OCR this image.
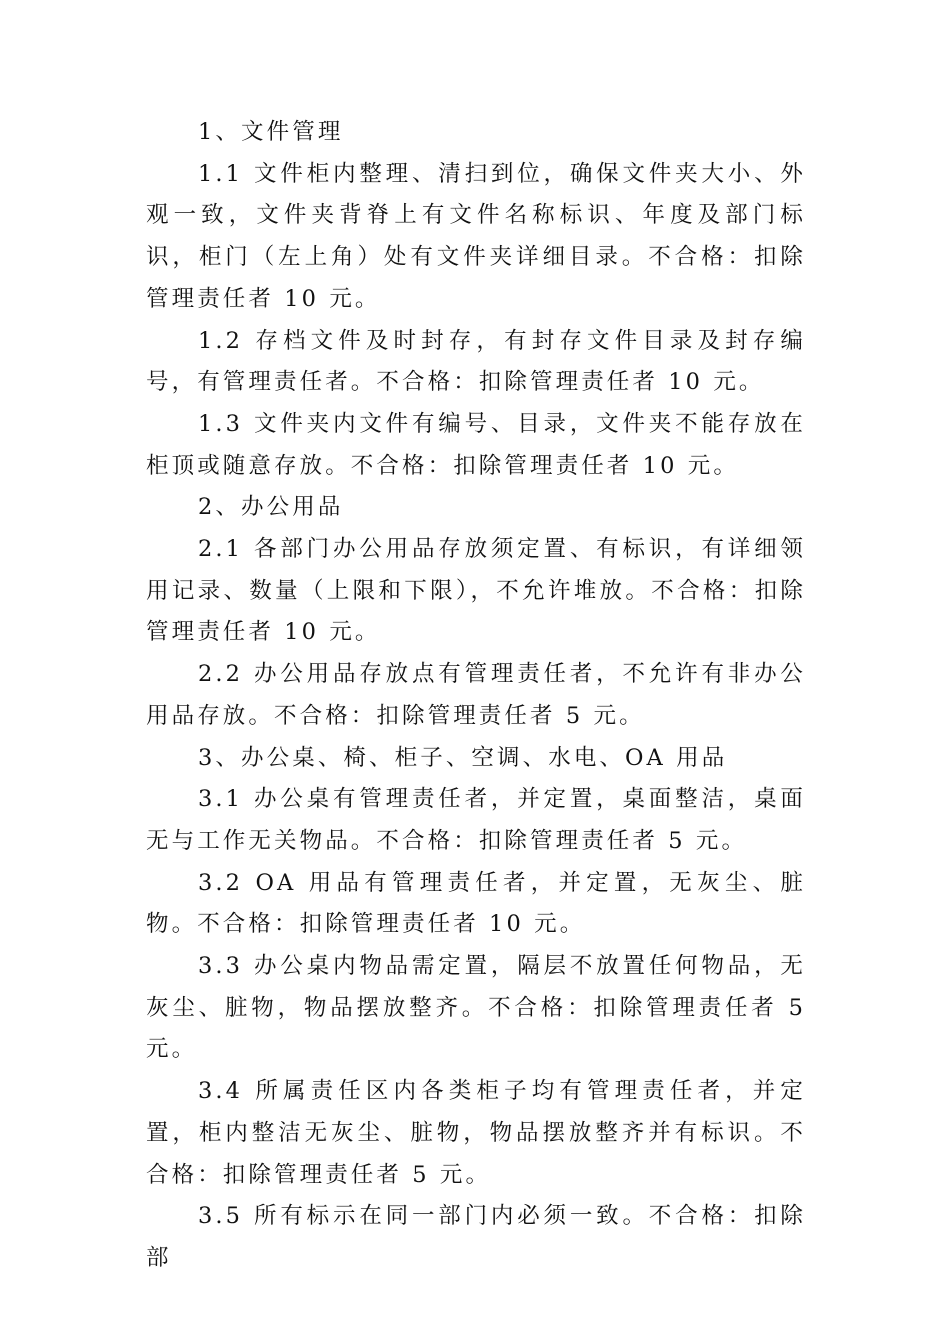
1、文件管理

1.1 文件柜内整理、清扫到位，确保文件夹大小、外观一致，文件夹背脊上有文件名称标识、年度及部门标识，柜门（左上角）处有文件夹详细目录。不合格：扣除管理责任者 10 元。

1.2 存档文件及时封存，有封存文件目录及封存编号，有管理责任者。不合格：扣除管理责任者 10 元。

1.3 文件夹内文件有编号、目录，文件夹不能存放在柜顶或随意存放。不合格：扣除管理责任者 10 元。

2、办公用品

2.1 各部门办公用品存放须定置、有标识，有详细领用记录、数量（上限和下限），不允许堆放。不合格：扣除管理责任者 10 元。

2.2 办公用品存放点有管理责任者，不允许有非办公用品存放。不合格：扣除管理责任者 5 元。

3、办公桌、椅、柜子、空调、水电、OA 用品

3.1 办公桌有管理责任者，并定置，桌面整洁，桌面无与工作无关物品。不合格：扣除管理责任者 5 元。

3.2 OA 用品有管理责任者，并定置，无灰尘、脏物。不合格：扣除管理责任者 10 元。

3.3 办公桌内物品需定置，隔层不放置任何物品，无灰尘、脏物，物品摆放整齐。不合格：扣除管理责任者 5 元。

3.4 所属责任区内各类柜子均有管理责任者，并定置，柜内整洁无灰尘、脏物，物品摆放整齐并有标识。不合格：扣除管理责任者 5 元。

3.5 所有标示在同一部门内必须一致。不合格：扣除部
